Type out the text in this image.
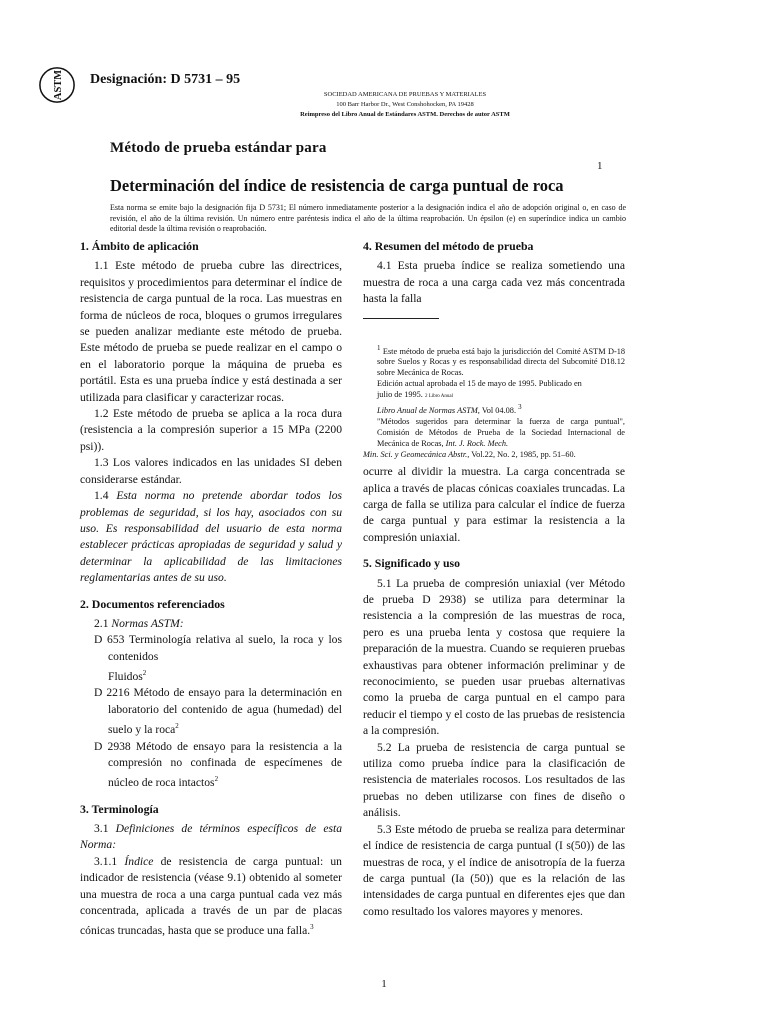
ASTM Designación: D 5731 – 95
SOCIEDAD AMERICANA DE PRUEBAS Y MATERIALES
100 Barr Harbor Dr., West Conshohocken, PA 19428
Reimpreso del Libro Anual de Estándares ASTM. Derechos de autor ASTM
Método de prueba estándar para
1
Determinación del índice de resistencia de carga puntual de roca
Esta norma se emite bajo la designación fija D 5731; El número inmediatamente posterior a la designación indica el año de adopción original o, en caso de revisión, el año de la última revisión. Un número entre paréntesis indica el año de la última reaprobación. Un épsilon (e) en superíndice indica un cambio editorial desde la última revisión o reaprobación.
1. Ámbito de aplicación

1.1 Este método de prueba cubre las directrices, requisitos y procedimientos para determinar el índice de resistencia de carga puntual de la roca. Las muestras en forma de núcleos de roca, bloques o grumos irregulares se pueden analizar mediante este método de prueba. Este método de prueba se puede realizar en el campo o en el laboratorio porque la máquina de prueba es portátil. Esta es una prueba índice y está destinada a ser utilizada para clasificar y caracterizar rocas.

1.2 Este método de prueba se aplica a la roca dura (resistencia a la compresión superior a 15 MPa (2200 psi)).

1.3 Los valores indicados en las unidades SI deben considerarse estándar.

1.4 Esta norma no pretende abordar todos los problemas de seguridad, si los hay, asociados con su uso. Es responsabilidad del usuario de esta norma establecer prácticas apropiadas de seguridad y salud y determinar la aplicabilidad de las limitaciones reglamentarias antes de su uso.

2. Documentos referenciados

2.1 Normas ASTM:

D 653 Terminología relativa al suelo, la roca y los contenidos

Fluidos$^2$

D 2216 Método de ensayo para la determinación en laboratorio del contenido de agua (humedad) del suelo y la roca$^2$

D 2938 Método de ensayo para la resistencia a la compresión no confinada de especímenes de núcleo de roca intactos$^2$

3. Terminología

3.1 Definiciones de términos específicos de esta Norma:

3.1.1 Índice de resistencia de carga puntual: un indicador de resistencia (véase 9.1) obtenido al someter una muestra de roca a una carga puntual cada vez más concentrada, aplicada a través de un par de placas cónicas truncadas, hasta que se produce una falla.$^3$

4. Resumen del método de prueba

4.1 Esta prueba índice se realiza sometiendo una muestra de roca a una carga cada vez más concentrada hasta la falla

$^1$ Este método de prueba está bajo la jurisdicción del Comité ASTM D-18 sobre Suelos y Rocas y es responsabilidad directa del Subcomité D18.12 sobre Mecánica de Rocas.

Edición actual aprobada el 15 de mayo de 1995. Publicado en

julio de 1995. 2 Libro Anual

Libro Anual de Normas ASTM, Vol 04.08. $^3$

"Métodos sugeridos para determinar la fuerza de carga puntual", Comisión de Métodos de Prueba de la Sociedad Internacional de Mecánica de Rocas, Int. J. Rock. Mech.

Min. Sci. y Geomecánica Abstr., Vol.22, No. 2, 1985, pp. 51–60.

ocurre al dividir la muestra. La carga concentrada se aplica a través de placas cónicas coaxiales truncadas. La carga de falla se utiliza para calcular el índice de fuerza de carga puntual y para estimar la resistencia a la compresión uniaxial.

5. Significado y uso

5.1 La prueba de compresión uniaxial (ver Método de prueba D 2938) se utiliza para determinar la resistencia a la compresión de las muestras de roca, pero es una prueba lenta y costosa que requiere la preparación de la muestra. Cuando se requieren pruebas exhaustivas para obtener información preliminar y de reconocimiento, se pueden usar pruebas alternativas como la prueba de carga puntual en el campo para reducir el tiempo y el costo de las pruebas de resistencia a la compresión.

5.2 La prueba de resistencia de carga puntual se utiliza como prueba índice para la clasificación de resistencia de materiales rocosos. Los resultados de las pruebas no deben utilizarse con fines de diseño o análisis.

5.3 Este método de prueba se realiza para determinar el índice de resistencia de carga puntual (I s(50)) de las muestras de roca, y el índice de anisotropía de la fuerza de carga puntual (Ia (50)) que es la relación de las intensidades de carga puntual en diferentes ejes que dan como resultado los valores mayores y menores.

1
